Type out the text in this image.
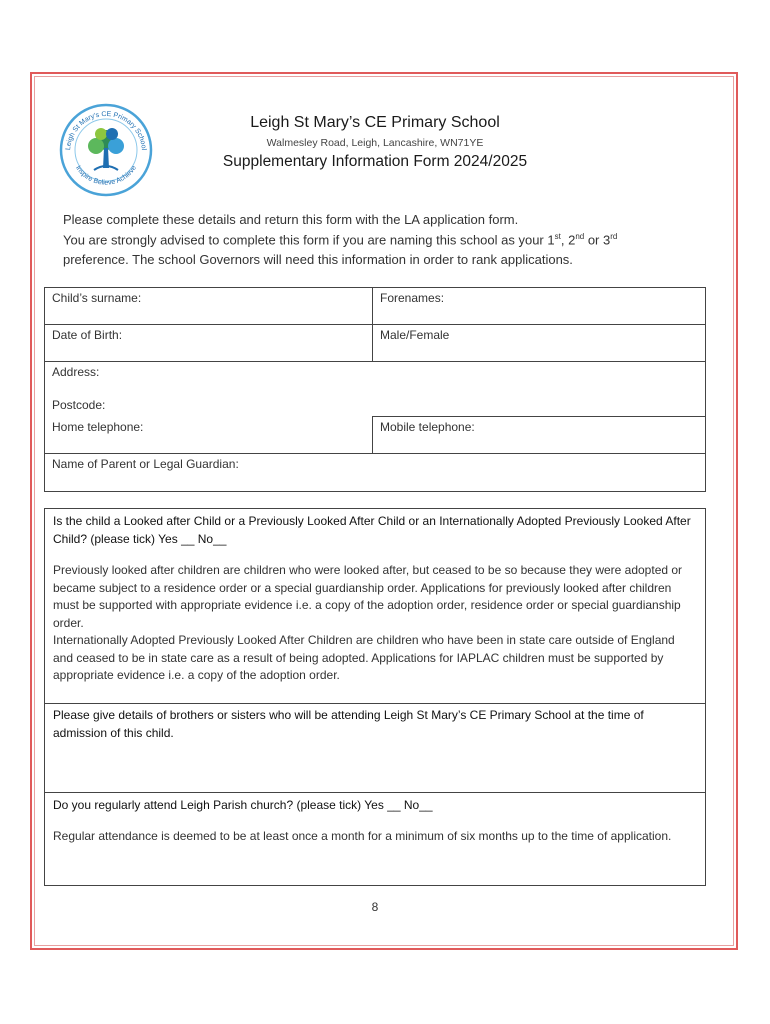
Leigh St Mary's CE Primary School
Inspire Believe Achieve
Leigh St Mary’s CE Primary School
Walmesley Road, Leigh, Lancashire, WN71YE
Supplementary Information Form 2024/2025
Please complete these details and return this form with the LA application form.
You are strongly advised to complete this form if you are naming this school as your 1st, 2nd or 3rd
preference. The school Governors will need this information in order to rank applications.
Child’s surname:	Forenames:
Date of Birth:	Male/Female

Address:
Postcode:	

Home telephone:	Mobile telephone:
Name of Parent or Legal Guardian:	
Is the child a Looked after Child or a Previously Looked After Child or an Internationally Adopted Previously Looked After Child? (please tick) Yes __ No__
Previously looked after children are children who were looked after, but ceased to be so because they were adopted or became subject to a residence order or a special guardianship order. Applications for previously looked after children must be supported with appropriate evidence i.e. a copy of the adoption order, residence order or special guardianship order.
Internationally Adopted Previously Looked After Children are children who have been in state care outside of England and ceased to be in state care as a result of being adopted. Applications for IAPLAC children must be supported by appropriate evidence i.e. a copy of the adoption order.
Please give details of brothers or sisters who will be attending Leigh St Mary’s CE Primary School at the time of admission of this child.
Do you regularly attend Leigh Parish church? (please tick) Yes __ No__
Regular attendance is deemed to be at least once a month for a minimum of six months up to the time of application.
8
